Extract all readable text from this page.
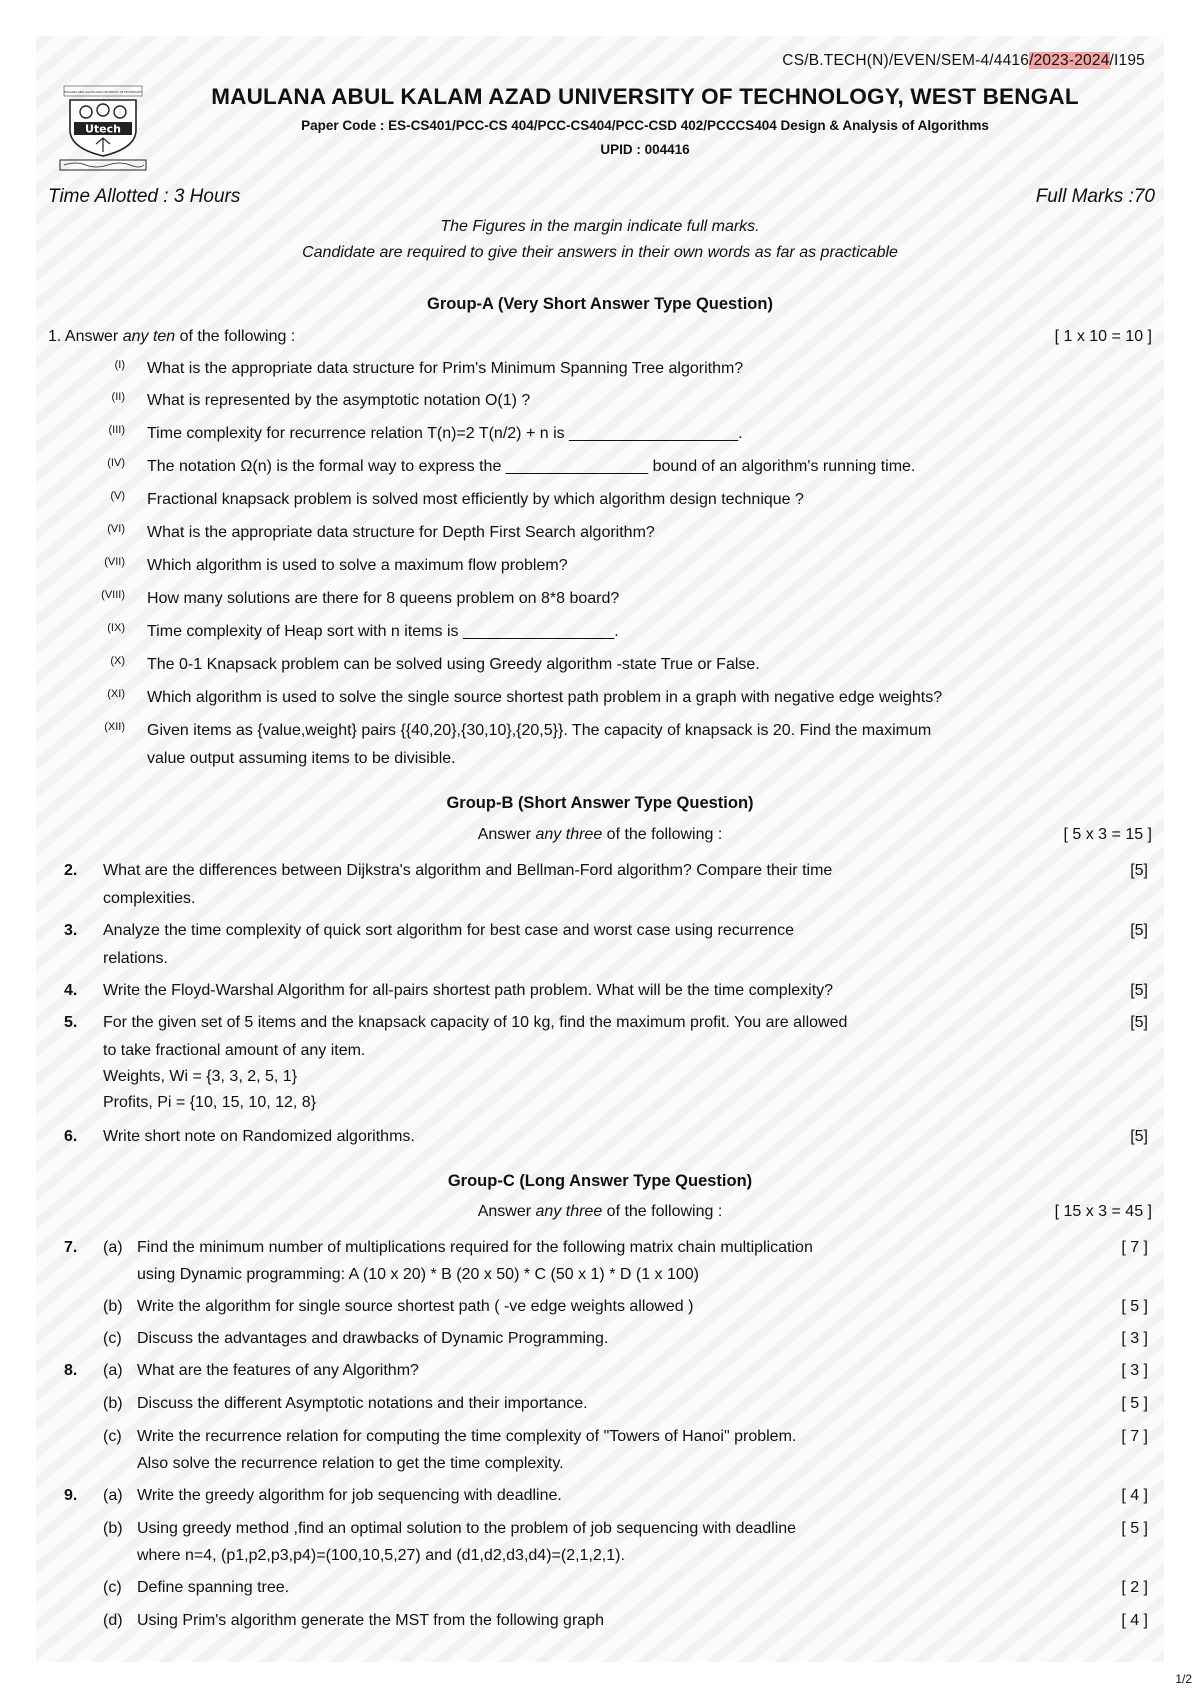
CS/B.TECH(N)/EVEN/SEM-4/4416/2023-2024/I195
MAULANA ABUL KALAM AZAD UNIVERSITY OF TECHNOLOGY
Utech
MAULANA ABUL KALAM AZAD UNIVERSITY OF TECHNOLOGY, WEST BENGAL
Paper Code : ES-CS401/PCC-CS 404/PCC-CS404/PCC-CSD 402/PCCCS404 Design & Analysis of Algorithms
UPID : 004416
Time Allotted : 3 Hours	Full Marks :70
The Figures in the margin indicate full marks.
Candidate are required to give their answers in their own words as far as practicable
Group-A (Very Short Answer Type Question)
1. Answer any ten of the following :	[ 1 x 10 = 10 ]
(I) What is the appropriate data structure for Prim's Minimum Spanning Tree algorithm?
(II) What is represented by the asymptotic notation O(1) ?
(III) Time complexity for recurrence relation T(n)=2 T(n/2) + n is ___________________.
(IV) The notation Ω(n) is the formal way to express the ________________ bound of an algorithm's running time.
(V) Fractional knapsack problem is solved most efficiently by which algorithm design technique ?
(VI) What is the appropriate data structure for Depth First Search algorithm?
(VII) Which algorithm is used to solve a maximum flow problem?
(VIII) How many solutions are there for 8 queens problem on 8*8 board?
(IX) Time complexity of Heap sort with n items is _________________.
(X) The 0-1 Knapsack problem can be solved using Greedy algorithm -state True or False.
(XI) Which algorithm is used to solve the single source shortest path problem in a graph with negative edge weights?
(XII) Given items as {value,weight} pairs {{40,20},{30,10},{20,5}}. The capacity of knapsack is 20. Find the maximum
value output assuming items to be divisible.
Group-B (Short Answer Type Question)
Answer any three of the following :	[ 5 x 3 = 15 ]
2. What are the differences between Dijkstra's algorithm and Bellman-Ford algorithm? Compare their time
complexities.
[5]
3. Analyze the time complexity of quick sort algorithm for best case and worst case using recurrence
relations.
[5]
4. Write the Floyd-Warshal Algorithm for all-pairs shortest path problem. What will be the time complexity?	[5]
5. For the given set of 5 items and the knapsack capacity of 10 kg, find the maximum profit. You are allowed
to take fractional amount of any item.
Weights, Wi = {3, 3, 2, 5, 1}
Profits, Pi = {10, 15, 10, 12, 8}
[5]
6. Write short note on Randomized algorithms.	[5]
Group-C (Long Answer Type Question)
Answer any three of the following :	[ 15 x 3 = 45 ]
7. (a) Find the minimum number of multiplications required for the following matrix chain multiplication
using Dynamic programming: A (10 x 20) * B (20 x 50) * C (50 x 1) * D (1 x 100)
[ 7 ]
(b) Write the algorithm for single source shortest path ( -ve edge weights allowed )	[ 5 ]
(c) Discuss the advantages and drawbacks of Dynamic Programming.	[ 3 ]
8. (a) What are the features of any Algorithm?	[ 3 ]
(b) Discuss the different Asymptotic notations and their importance.	[ 5 ]
(c) Write the recurrence relation for computing the time complexity of "Towers of Hanoi" problem.
Also solve the recurrence relation to get the time complexity.
[ 7 ]
9. (a) Write the greedy algorithm for job sequencing with deadline.	[ 4 ]
(b) Using greedy method ,find an optimal solution to the problem of job sequencing with deadline
where n=4, (p1,p2,p3,p4)=(100,10,5,27) and (d1,d2,d3,d4)=(2,1,2,1).
[ 5 ]
(c) Define spanning tree.	[ 2 ]
(d) Using Prim's algorithm generate the MST from the following graph	[ 4 ]
1/2
